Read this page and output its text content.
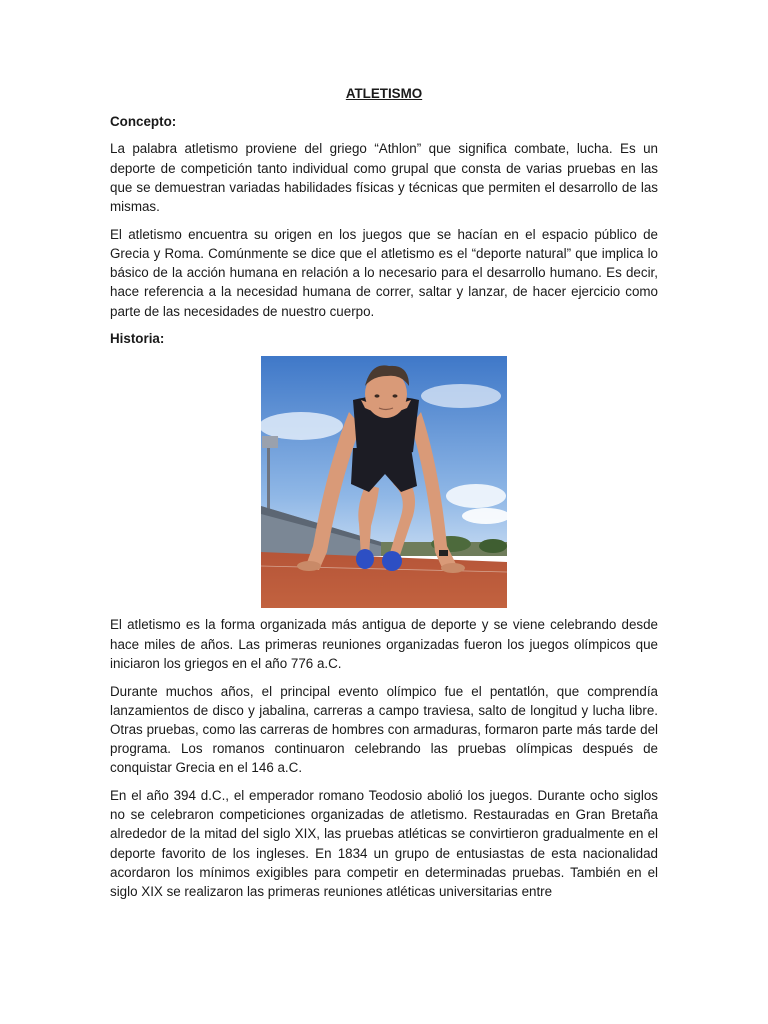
ATLETISMO
Concepto:

La palabra atletismo proviene del griego “Athlon” que significa combate, lucha. Es un deporte de competición tanto individual como grupal que consta de varias pruebas en las que se demuestran variadas habilidades físicas y técnicas que permiten el desarrollo de las mismas.

El atletismo encuentra su origen en los juegos que se hacían en el espacio público de Grecia y Roma. Comúnmente se dice que el atletismo es el “deporte natural” que implica lo básico de la acción humana en relación a lo necesario para el desarrollo humano. Es decir, hace referencia a la necesidad humana de correr, saltar y lanzar, de hacer ejercicio como parte de las necesidades de nuestro cuerpo.

Historia:

El atletismo es la forma organizada más antigua de deporte y se viene celebrando desde hace miles de años. Las primeras reuniones organizadas fueron los juegos olímpicos que iniciaron los griegos en el año 776 a.C.

Durante muchos años, el principal evento olímpico fue el pentatlón, que comprendía lanzamientos de disco y jabalina, carreras a campo traviesa, salto de longitud y lucha libre. Otras pruebas, como las carreras de hombres con armaduras, formaron parte más tarde del programa. Los romanos continuaron celebrando las pruebas olímpicas después de conquistar Grecia en el 146 a.C.

En el año 394 d.C., el emperador romano Teodosio abolió los juegos. Durante ocho siglos no se celebraron competiciones organizadas de atletismo. Restauradas en Gran Bretaña alrededor de la mitad del siglo XIX, las pruebas atléticas se convirtieron gradualmente en el deporte favorito de los ingleses. En 1834 un grupo de entusiastas de esta nacionalidad acordaron los mínimos exigibles para competir en determinadas pruebas. También en el siglo XIX se realizaron las primeras reuniones atléticas universitarias entre
